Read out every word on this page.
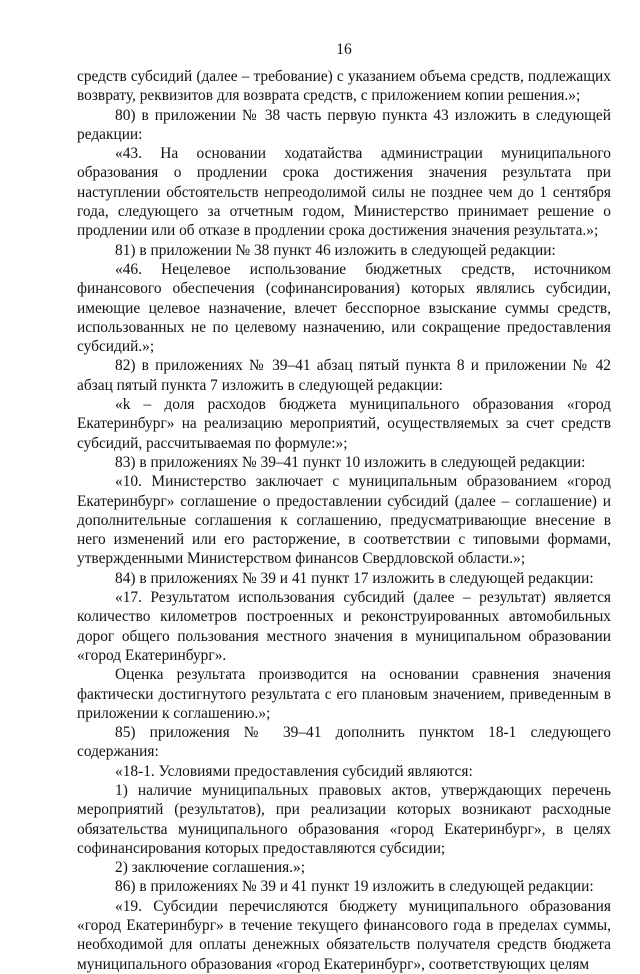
16

средств субсидий (далее – требование) с указанием объема средств, подлежащих возврату, реквизитов для возврата средств, с приложением копии решения.»;

80) в приложении № 38 часть первую пункта 43 изложить в следующей редакции:

«43. На основании ходатайства администрации муниципального образования о продлении срока достижения значения результата при наступлении обстоятельств непреодолимой силы не позднее чем до 1 сентября года, следующего за отчетным годом, Министерство принимает решение о продлении или об отказе в продлении срока достижения значения результата.»;

81) в приложении № 38 пункт 46 изложить в следующей редакции:

«46. Нецелевое использование бюджетных средств, источником финансового обеспечения (софинансирования) которых являлись субсидии, имеющие целевое назначение, влечет бесспорное взыскание суммы средств, использованных не по целевому назначению, или сокращение предоставления субсидий.»;

82) в приложениях № 39–41 абзац пятый пункта 8 и приложении № 42 абзац пятый пункта 7 изложить в следующей редакции:

«k – доля расходов бюджета муниципального образования «город Екатеринбург» на реализацию мероприятий, осуществляемых за счет средств субсидий, рассчитываемая по формуле:»;

83) в приложениях № 39–41 пункт 10 изложить в следующей редакции:

«10. Министерство заключает с муниципальным образованием «город Екатеринбург» соглашение о предоставлении субсидий (далее – соглашение) и дополнительные соглашения к соглашению, предусматривающие внесение в него изменений или его расторжение, в соответствии с типовыми формами, утвержденными Министерством финансов Свердловской области.»;

84) в приложениях № 39 и 41 пункт 17 изложить в следующей редакции:

«17. Результатом использования субсидий (далее – результат) является количество километров построенных и реконструированных автомобильных дорог общего пользования местного значения в муниципальном образовании «город Екатеринбург».

Оценка результата производится на основании сравнения значения фактически достигнутого результата с его плановым значением, приведенным в приложении к соглашению.»;

85) приложения № 39–41 дополнить пунктом 18-1 следующего содержания:

«18-1. Условиями предоставления субсидий являются:

1) наличие муниципальных правовых актов, утверждающих перечень мероприятий (результатов), при реализации которых возникают расходные обязательства муниципального образования «город Екатеринбург», в целях софинансирования которых предоставляются субсидии;

2) заключение соглашения.»;

86) в приложениях № 39 и 41 пункт 19 изложить в следующей редакции:

«19. Субсидии перечисляются бюджету муниципального образования «город Екатеринбург» в течение текущего финансового года в пределах суммы, необходимой для оплаты денежных обязательств получателя средств бюджета муниципального образования «город Екатеринбург», соответствующих целям
